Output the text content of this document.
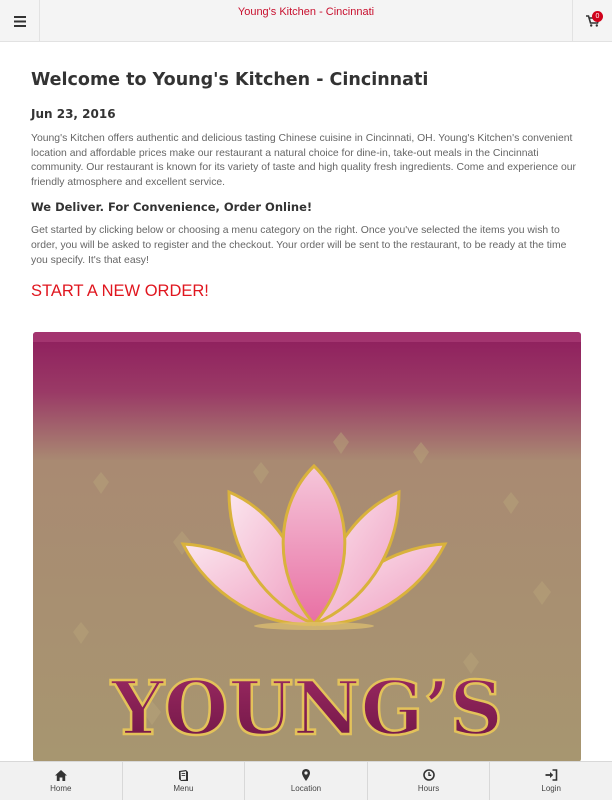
Young's Kitchen - Cincinnati	0
Welcome to Young's Kitchen - Cincinnati
Jun 23, 2016

Young's Kitchen offers authentic and delicious tasting Chinese cuisine in Cincinnati, OH. Young's Kitchen's convenient location and affordable prices make our restaurant a natural choice for dine-in, take-out meals in the Cincinnati community. Our restaurant is known for its variety of taste and high quality fresh ingredients. Come and experience our friendly atmosphere and excellent service.

We Deliver. For Convenience, Order Online!

Get started by clicking below or choosing a menu category on the right. Once you've selected the items you wish to order, you will be asked to register and the checkout. Your order will be sent to the restaurant, to be ready at the time you specify. It's that easy!

START A NEW ORDER!
YOUNG’S
Home	Menu	Location	Hours	Login
